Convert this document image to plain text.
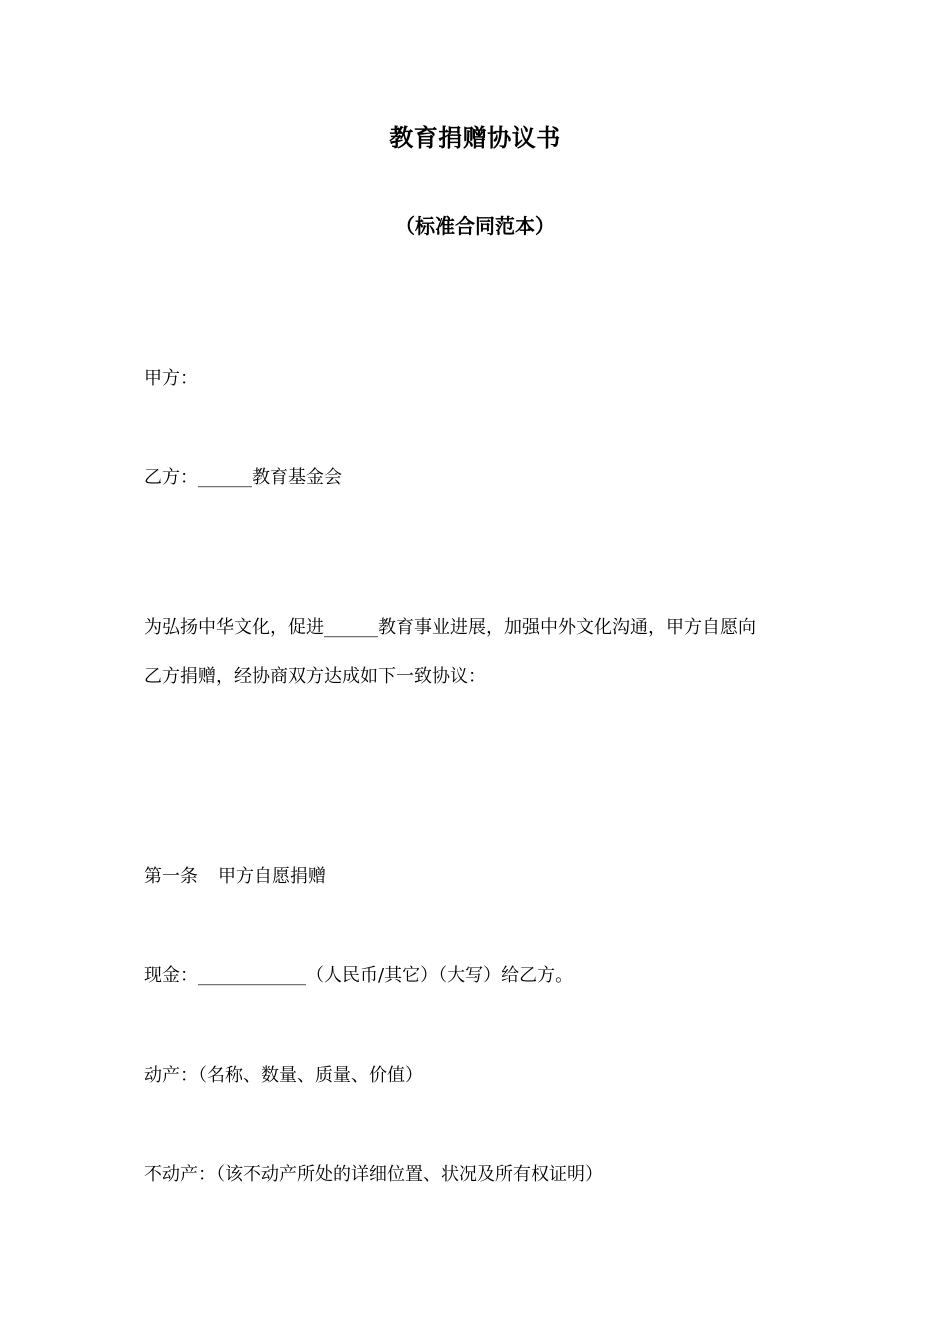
教育捐赠协议书
（标准合同范本）
甲方：
乙方：______教育基金会
为弘扬中华文化，促进______教育事业进展，加强中外文化沟通，甲方自愿向
乙方捐赠，经协商双方达成如下一致协议：
第一条 甲方自愿捐赠
现金：____________（人民币/其它）（大写）给乙方。
动产：（名称、数量、质量、价值）
不动产：（该不动产所处的详细位置、状况及所有权证明）
